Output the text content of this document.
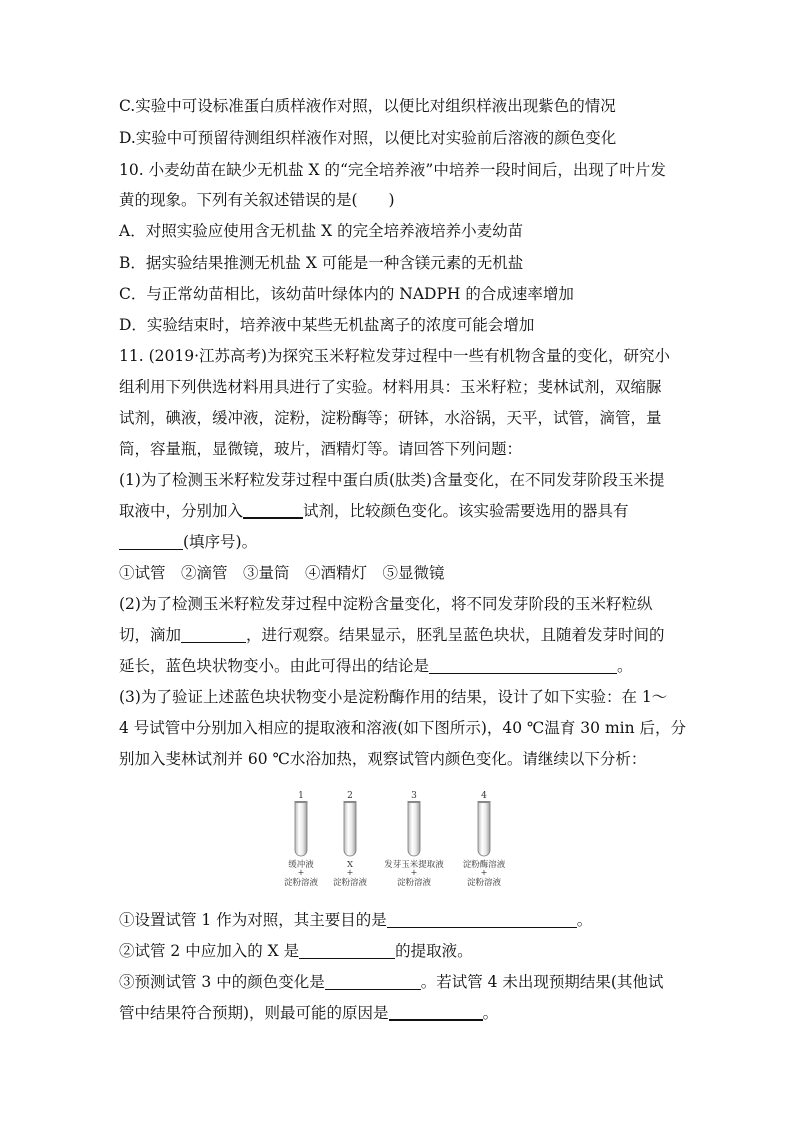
C.实验中可设标准蛋白质样液作对照，以便比对组织样液出现紫色的情况
D.实验中可预留待测组织样液作对照，以便比对实验前后溶液的颜色变化
10. 小麦幼苗在缺少无机盐 X 的“完全培养液”中培养一段时间后，出现了叶片发
黄的现象。下列有关叙述错误的是(　　)
A．对照实验应使用含无机盐 X 的完全培养液培养小麦幼苗
B．据实验结果推测无机盐 X 可能是一种含镁元素的无机盐
C．与正常幼苗相比，该幼苗叶绿体内的 NADPH 的合成速率增加
D．实验结束时，培养液中某些无机盐离子的浓度可能会增加
11. (2019·江苏高考)为探究玉米籽粒发芽过程中一些有机物含量的变化，研究小
组利用下列供选材料用具进行了实验。材料用具：玉米籽粒；斐林试剂，双缩脲
试剂，碘液，缓冲液，淀粉，淀粉酶等；研钵，水浴锅，天平，试管，滴管，量
筒，容量瓶，显微镜，玻片，酒精灯等。请回答下列问题：
(1)为了检测玉米籽粒发芽过程中蛋白质(肽类)含量变化，在不同发芽阶段玉米提
取液中，分别加入	试剂，比较颜色变化。该实验需要选用的器具有
(填序号)。
①试管　②滴管　③量筒　④酒精灯　⑤显微镜
(2)为了检测玉米籽粒发芽过程中淀粉含量变化，将不同发芽阶段的玉米籽粒纵
切，滴加	，进行观察。结果显示，胚乳呈蓝色块状，且随着发芽时间的
延长，蓝色块状物变小。由此可得出的结论是	。
(3)为了验证上述蓝色块状物变小是淀粉酶作用的结果，设计了如下实验：在 1～
4 号试管中分别加入相应的提取液和溶液(如下图所示)，40 ℃温育 30 min 后，分
别加入斐林试剂并 60 ℃水浴加热，观察试管内颜色变化。请继续以下分析：
1
缓冲液
+
淀粉溶液
2
X
+
淀粉溶液
3
发芽玉米提取液
+
淀粉溶液
4
淀粉酶溶液
+
淀粉溶液
①设置试管 1 作为对照，其主要目的是	。
②试管 2 中应加入的 X 是	的提取液。
③预测试管 3 中的颜色变化是	。若试管 4 未出现预期结果(其他试
管中结果符合预期)，则最可能的原因是	。
